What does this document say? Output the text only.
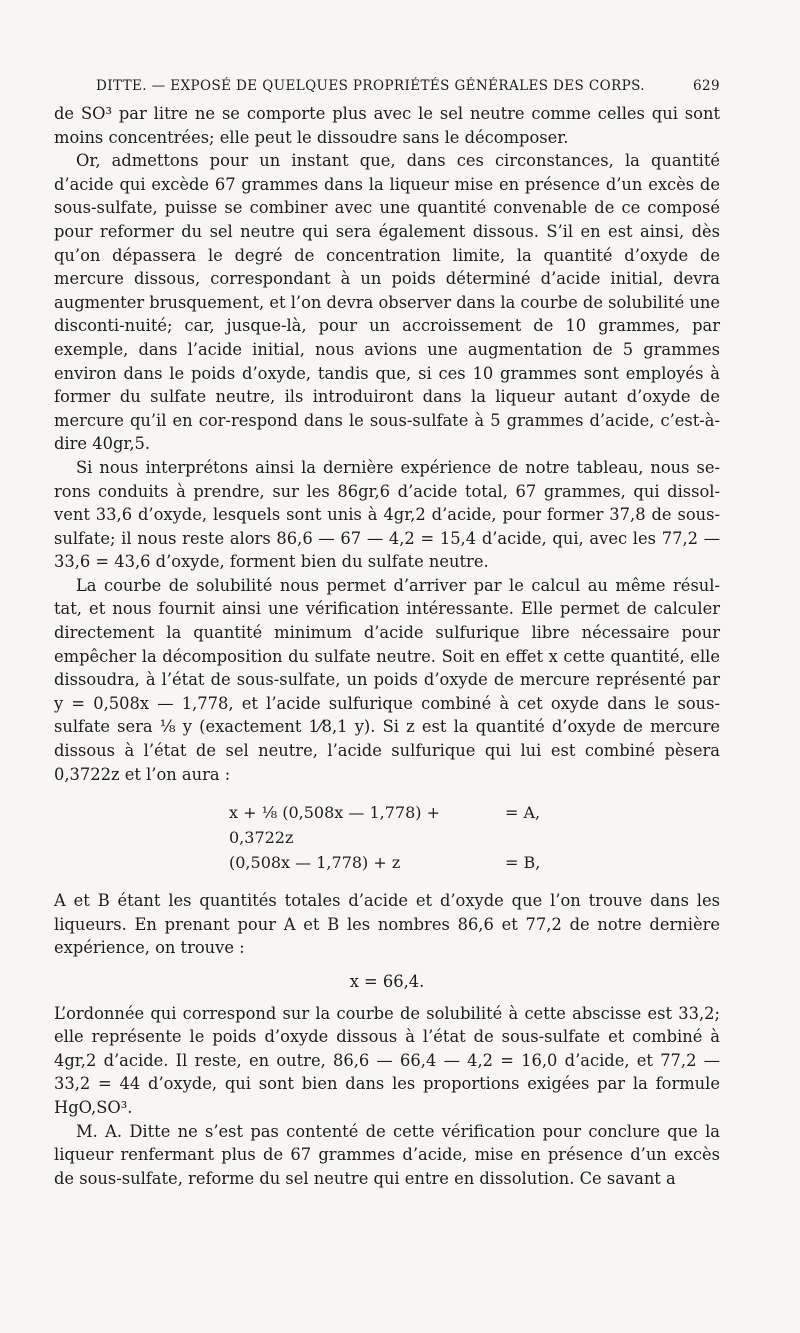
DITTE. — EXPOSÉ DE QUELQUES PROPRIÉTÉS GÉNÉRALES DES CORPS.	629

de SO³ par litre ne se comporte plus avec le sel neutre comme celles qui sont moins concentrées; elle peut le dissoudre sans le décomposer.

Or, admettons pour un instant que, dans ces circonstances, la quantité d’acide qui excède 67 grammes dans la liqueur mise en présence d’un excès de sous-sulfate, puisse se combiner avec une quantité convenable de ce composé pour reformer du sel neutre qui sera également dissous. S’il en est ainsi, dès qu’on dépassera le degré de concentration limite, la quantité d’oxyde de mercure dissous, correspondant à un poids déterminé d’acide initial, devra augmenter brusquement, et l’on devra observer dans la courbe de solubilité une disconti-nuité; car, jusque-là, pour un accroissement de 10 grammes, par exemple, dans l’acide initial, nous avions une augmentation de 5 grammes environ dans le poids d’oxyde, tandis que, si ces 10 grammes sont employés à former du sulfate neutre, ils introduiront dans la liqueur autant d’oxyde de mercure qu’il en cor-respond dans le sous-sulfate à 5 grammes d’acide, c’est-à-dire 40gr,5.

Si nous interprétons ainsi la dernière expérience de notre tableau, nous se-rons conduits à prendre, sur les 86gr,6 d’acide total, 67 grammes, qui dissol-vent 33,6 d’oxyde, lesquels sont unis à 4gr,2 d’acide, pour former 37,8 de sous-sulfate; il nous reste alors 86,6 — 67 — 4,2 = 15,4 d’acide, qui, avec les 77,2 — 33,6 = 43,6 d’oxyde, forment bien du sulfate neutre.

La courbe de solubilité nous permet d’arriver par le calcul au même résul-tat, et nous fournit ainsi une vérification intéressante. Elle permet de calculer directement la quantité minimum d’acide sulfurique libre nécessaire pour empêcher la décomposition du sulfate neutre. Soit en effet x cette quantité, elle dissoudra, à l’état de sous-sulfate, un poids d’oxyde de mercure représenté par y = 0,508x — 1,778, et l’acide sulfurique combiné à cet oxyde dans le sous-sulfate sera ⅛ y (exactement 1⁄8,1 y). Si z est la quantité d’oxyde de mercure dissous à l’état de sel neutre, l’acide sulfurique qui lui est combiné pèsera 0,3722z et l’on aura :

x + ⅛ (0,508x — 1,778) + 0,3722z
= A,
(0,508x — 1,778) + z	= B,

A et B étant les quantités totales d’acide et d’oxyde que l’on trouve dans les liqueurs. En prenant pour A et B les nombres 86,6 et 77,2 de notre dernière expérience, on trouve :

x = 66,4.

L’ordonnée qui correspond sur la courbe de solubilité à cette abscisse est 33,2; elle représente le poids d’oxyde dissous à l’état de sous-sulfate et combiné à 4gr,2 d’acide. Il reste, en outre, 86,6 — 66,4 — 4,2 = 16,0 d’acide, et 77,2 — 33,2 = 44 d’oxyde, qui sont bien dans les proportions exigées par la formule HgO,SO³.

M. A. Ditte ne s’est pas contenté de cette vérification pour conclure que la liqueur renfermant plus de 67 grammes d’acide, mise en présence d’un excès de sous-sulfate, reforme du sel neutre qui entre en dissolution. Ce savant a
